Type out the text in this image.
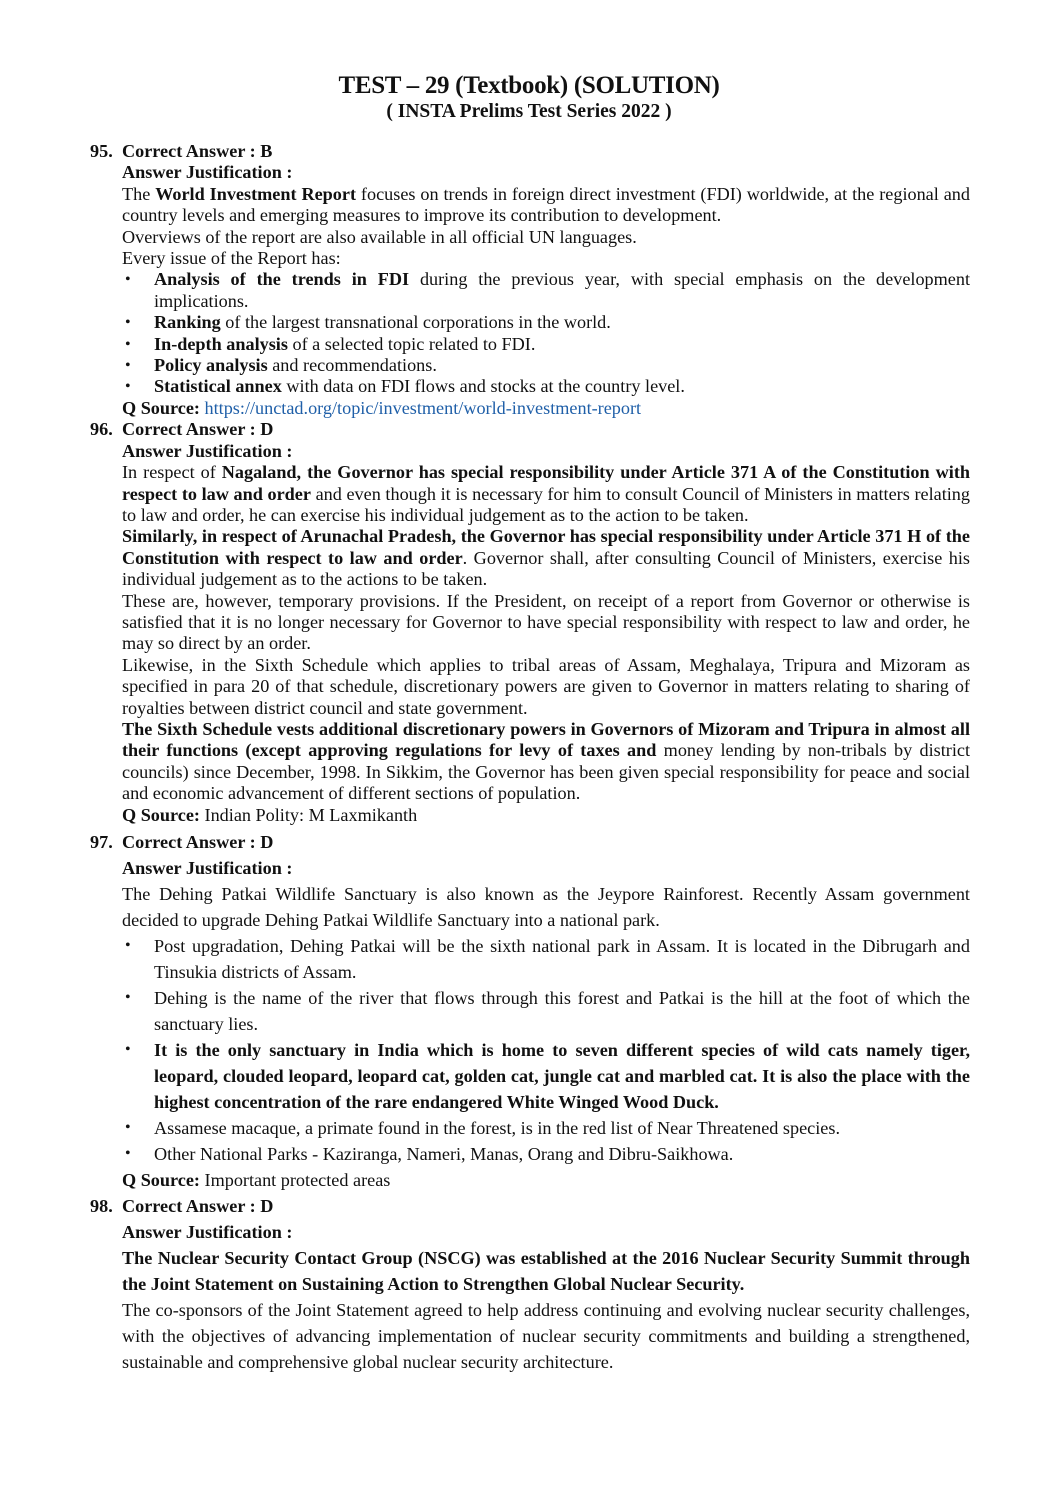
TEST – 29 (Textbook) (SOLUTION)
( INSTA Prelims Test Series 2022 )
95. Correct Answer : B
Answer Justification :

The World Investment Report focuses on trends in foreign direct investment (FDI) worldwide, at the regional and country levels and emerging measures to improve its contribution to development.

Overviews of the report are also available in all official UN languages.

Every issue of the Report has:

• Analysis of the trends in FDI during the previous year, with special emphasis on the development implications.
• Ranking of the largest transnational corporations in the world.
• In-depth analysis of a selected topic related to FDI.
• Policy analysis and recommendations.
• Statistical annex with data on FDI flows and stocks at the country level.

Q Source: https://unctad.org/topic/investment/world-investment-report

96. Correct Answer : D
Answer Justification :

In respect of Nagaland, the Governor has special responsibility under Article 371 A of the Constitution with respect to law and order and even though it is necessary for him to consult Council of Ministers in matters relating to law and order, he can exercise his individual judgement as to the action to be taken.

Similarly, in respect of Arunachal Pradesh, the Governor has special responsibility under Article 371 H of the Constitution with respect to law and order. Governor shall, after consulting Council of Ministers, exercise his individual judgement as to the actions to be taken.

These are, however, temporary provisions. If the President, on receipt of a report from Governor or otherwise is satisfied that it is no longer necessary for Governor to have special responsibility with respect to law and order, he may so direct by an order.

Likewise, in the Sixth Schedule which applies to tribal areas of Assam, Meghalaya, Tripura and Mizoram as specified in para 20 of that schedule, discretionary powers are given to Governor in matters relating to sharing of royalties between district council and state government.

The Sixth Schedule vests additional discretionary powers in Governors of Mizoram and Tripura in almost all their functions (except approving regulations for levy of taxes and money lending by non-tribals by district councils) since December, 1998. In Sikkim, the Governor has been given special responsibility for peace and social and economic advancement of different sections of population.

Q Source: Indian Polity: M Laxmikanth

97. Correct Answer : D
Answer Justification :

The Dehing Patkai Wildlife Sanctuary is also known as the Jeypore Rainforest. Recently Assam government decided to upgrade Dehing Patkai Wildlife Sanctuary into a national park.

• Post upgradation, Dehing Patkai will be the sixth national park in Assam. It is located in the Dibrugarh and Tinsukia districts of Assam.
• Dehing is the name of the river that flows through this forest and Patkai is the hill at the foot of which the sanctuary lies.
• It is the only sanctuary in India which is home to seven different species of wild cats namely tiger, leopard, clouded leopard, leopard cat, golden cat, jungle cat and marbled cat. It is also the place with the highest concentration of the rare endangered White Winged Wood Duck.
• Assamese macaque, a primate found in the forest, is in the red list of Near Threatened species.
• Other National Parks - Kaziranga, Nameri, Manas, Orang and Dibru-Saikhowa.

Q Source: Important protected areas

98. Correct Answer : D
Answer Justification :

The Nuclear Security Contact Group (NSCG) was established at the 2016 Nuclear Security Summit through the Joint Statement on Sustaining Action to Strengthen Global Nuclear Security.

The co-sponsors of the Joint Statement agreed to help address continuing and evolving nuclear security challenges, with the objectives of advancing implementation of nuclear security commitments and building a strengthened, sustainable and comprehensive global nuclear security architecture.
